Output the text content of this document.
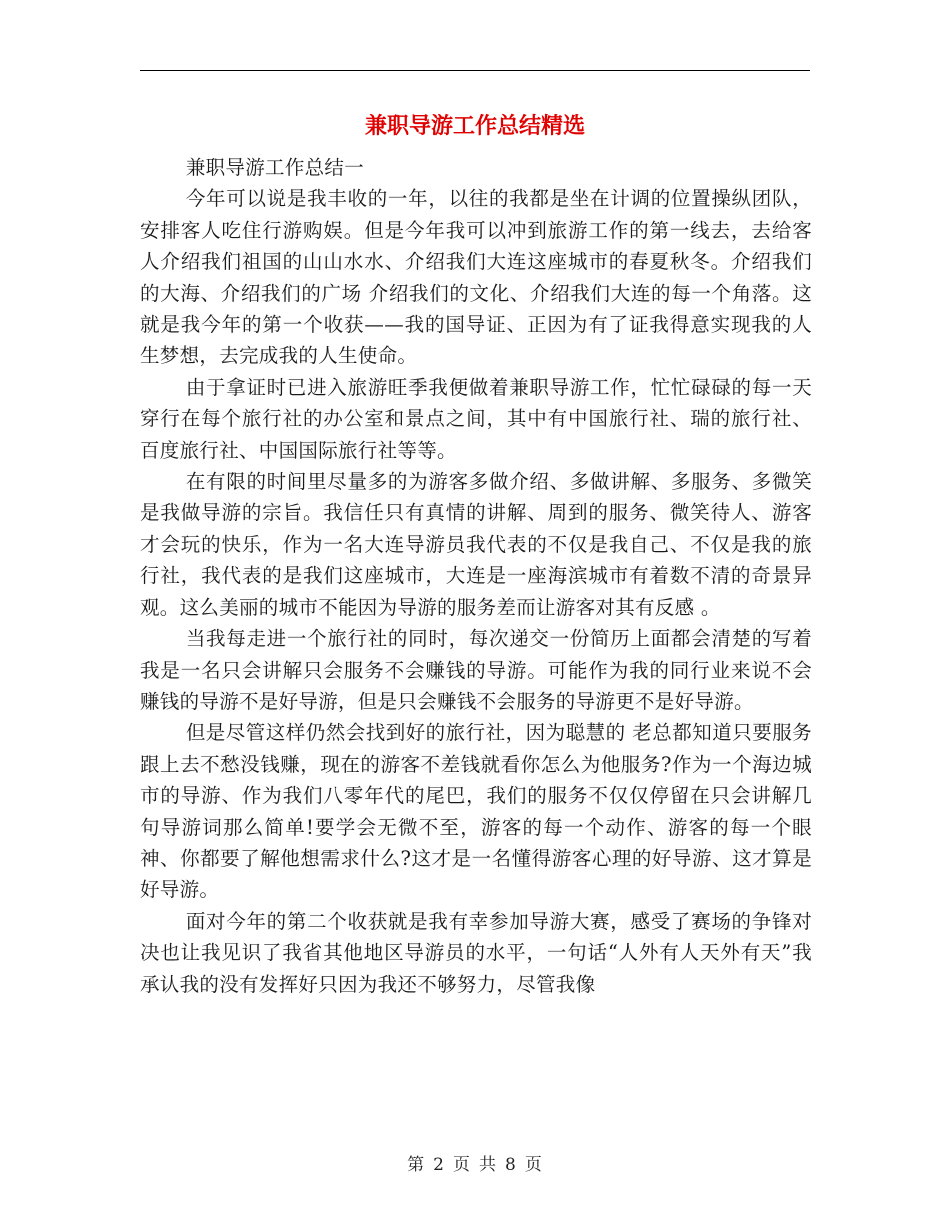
兼职导游工作总结精选

兼职导游工作总结一

今年可以说是我丰收的一年，以往的我都是坐在计调的位置操纵团队，安排客人吃住行游购娱。但是今年我可以冲到旅游工作的第一线去，去给客人介绍我们祖国的山山水水、介绍我们大连这座城市的春夏秋冬。介绍我们的大海、介绍我们的广场 介绍我们的文化、介绍我们大连的每一个角落。这就是我今年的第一个收获——我的国导证、正因为有了证我得意实现我的人生梦想，去完成我的人生使命。

由于拿证时已进入旅游旺季我便做着兼职导游工作，忙忙碌碌的每一天穿行在每个旅行社的办公室和景点之间，其中有中国旅行社、瑞的旅行社、百度旅行社、中国国际旅行社等等。

在有限的时间里尽量多的为游客多做介绍、多做讲解、多服务、多微笑是我做导游的宗旨。我信任只有真情的讲解、周到的服务、微笑待人、游客才会玩的快乐，作为一名大连导游员我代表的不仅是我自己、不仅是我的旅行社，我代表的是我们这座城市，大连是一座海滨城市有着数不清的奇景异观。这么美丽的城市不能因为导游的服务差而让游客对其有反感 。

当我每走进一个旅行社的同时，每次递交一份简历上面都会清楚的写着我是一名只会讲解只会服务不会赚钱的导游。可能作为我的同行业来说不会赚钱的导游不是好导游，但是只会赚钱不会服务的导游更不是好导游。

但是尽管这样仍然会找到好的旅行社，因为聪慧的 老总都知道只要服务跟上去不愁没钱赚，现在的游客不差钱就看你怎么为他服务?作为一个海边城市的导游、作为我们八零年代的尾巴，我们的服务不仅仅停留在只会讲解几句导游词那么简单!要学会无微不至，游客的每一个动作、游客的每一个眼神、你都要了解他想需求什么?这才是一名懂得游客心理的好导游、这才算是好导游。

面对今年的第二个收获就是我有幸参加导游大赛，感受了赛场的争锋对决也让我见识了我省其他地区导游员的水平，一句话“人外有人天外有天”我承认我的没有发挥好只因为我还不够努力，尽管我像

第 2 页 共 8 页
